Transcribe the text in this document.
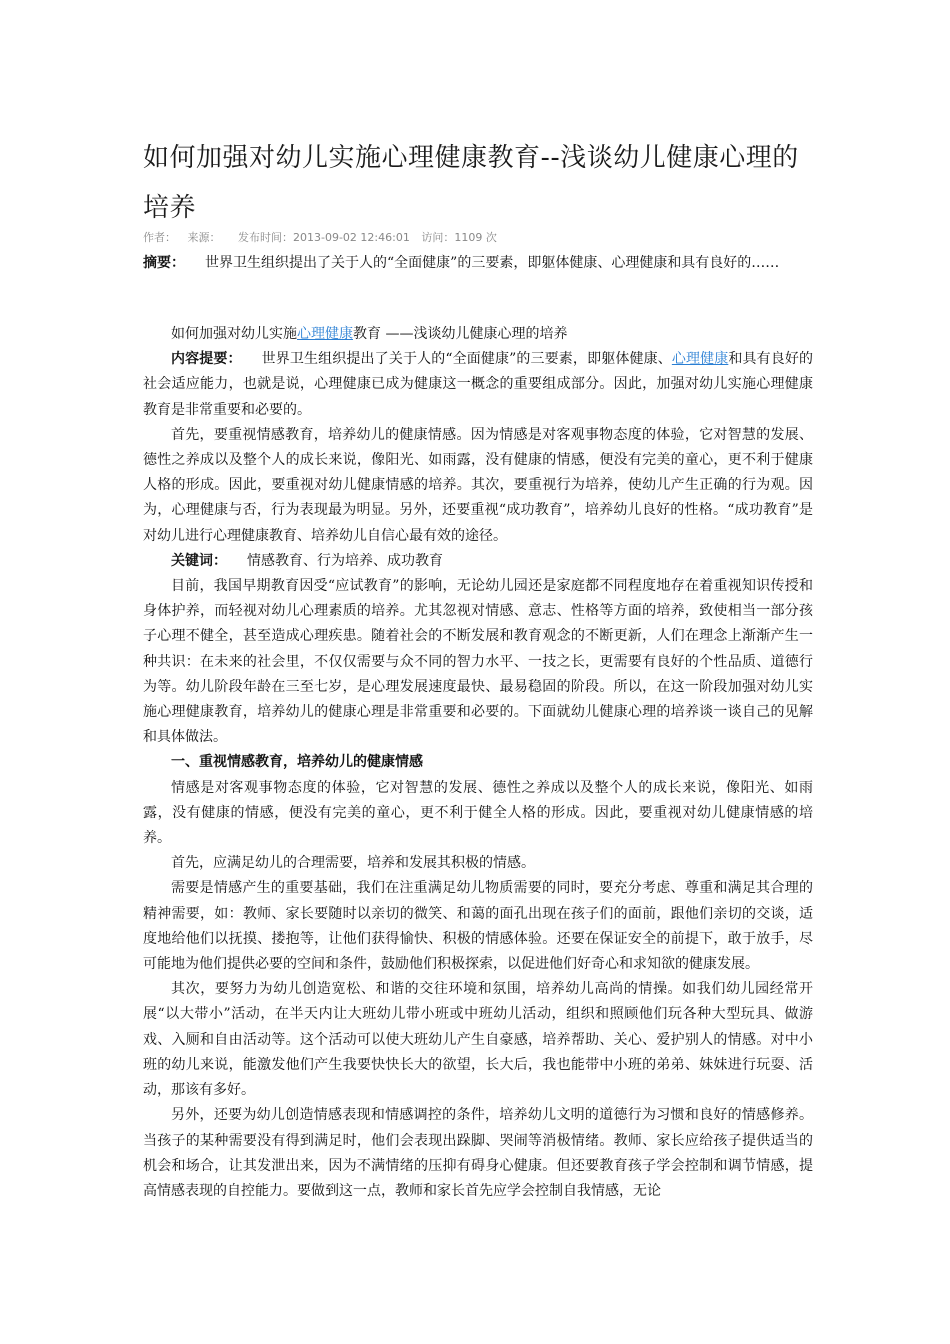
如何加强对幼儿实施心理健康教育--浅谈幼儿健康心理的培养
作者： 来源： 发布时间：2013-09-02 12:46:01 访问：1109 次
摘要： 世界卫生组织提出了关于人的“全面健康”的三要素，即躯体健康、心理健康和具有良好的……

如何加强对幼儿实施心理健康教育 ——浅谈幼儿健康心理的培养

内容提要： 世界卫生组织提出了关于人的“全面健康”的三要素，即躯体健康、心理健康和具有良好的社会适应能力，也就是说，心理健康已成为健康这一概念的重要组成部分。因此，加强对幼儿实施心理健康教育是非常重要和必要的。

首先，要重视情感教育，培养幼儿的健康情感。因为情感是对客观事物态度的体验，它对智慧的发展、德性之养成以及整个人的成长来说，像阳光、如雨露，没有健康的情感，便没有完美的童心，更不利于健康人格的形成。因此，要重视对幼儿健康情感的培养。其次，要重视行为培养，使幼儿产生正确的行为观。因为，心理健康与否，行为表现最为明显。另外，还要重视“成功教育”，培养幼儿良好的性格。“成功教育”是对幼儿进行心理健康教育、培养幼儿自信心最有效的途径。

关键词： 情感教育、行为培养、成功教育

目前，我国早期教育因受“应试教育”的影响，无论幼儿园还是家庭都不同程度地存在着重视知识传授和身体护养，而轻视对幼儿心理素质的培养。尤其忽视对情感、意志、性格等方面的培养，致使相当一部分孩子心理不健全，甚至造成心理疾患。随着社会的不断发展和教育观念的不断更新，人们在理念上渐渐产生一种共识：在未来的社会里，不仅仅需要与众不同的智力水平、一技之长，更需要有良好的个性品质、道德行为等。幼儿阶段年龄在三至七岁，是心理发展速度最快、最易稳固的阶段。所以，在这一阶段加强对幼儿实施心理健康教育，培养幼儿的健康心理是非常重要和必要的。下面就幼儿健康心理的培养谈一谈自己的见解和具体做法。

一、重视情感教育，培养幼儿的健康情感

情感是对客观事物态度的体验，它对智慧的发展、德性之养成以及整个人的成长来说，像阳光、如雨露，没有健康的情感，便没有完美的童心，更不利于健全人格的形成。因此，要重视对幼儿健康情感的培养。

首先，应满足幼儿的合理需要，培养和发展其积极的情感。

需要是情感产生的重要基础，我们在注重满足幼儿物质需要的同时，要充分考虑、尊重和满足其合理的精神需要，如：教师、家长要随时以亲切的微笑、和蔼的面孔出现在孩子们的面前，跟他们亲切的交谈，适度地给他们以抚摸、搂抱等，让他们获得愉快、积极的情感体验。还要在保证安全的前提下，敢于放手，尽可能地为他们提供必要的空间和条件，鼓励他们积极探索，以促进他们好奇心和求知欲的健康发展。

其次，要努力为幼儿创造宽松、和谐的交往环境和氛围，培养幼儿高尚的情操。如我们幼儿园经常开展“以大带小”活动，在半天内让大班幼儿带小班或中班幼儿活动，组织和照顾他们玩各种大型玩具、做游戏、入厕和自由活动等。这个活动可以使大班幼儿产生自豪感，培养帮助、关心、爱护别人的情感。对中小班的幼儿来说，能激发他们产生我要快快长大的欲望，长大后，我也能带中小班的弟弟、妹妹进行玩耍、活动，那该有多好。

另外，还要为幼儿创造情感表现和情感调控的条件，培养幼儿文明的道德行为习惯和良好的情感修养。当孩子的某种需要没有得到满足时，他们会表现出跺脚、哭闹等消极情绪。教师、家长应给孩子提供适当的机会和场合，让其发泄出来，因为不满情绪的压抑有碍身心健康。但还要教育孩子学会控制和调节情感，提高情感表现的自控能力。要做到这一点，教师和家长首先应学会控制自我情感，无论
